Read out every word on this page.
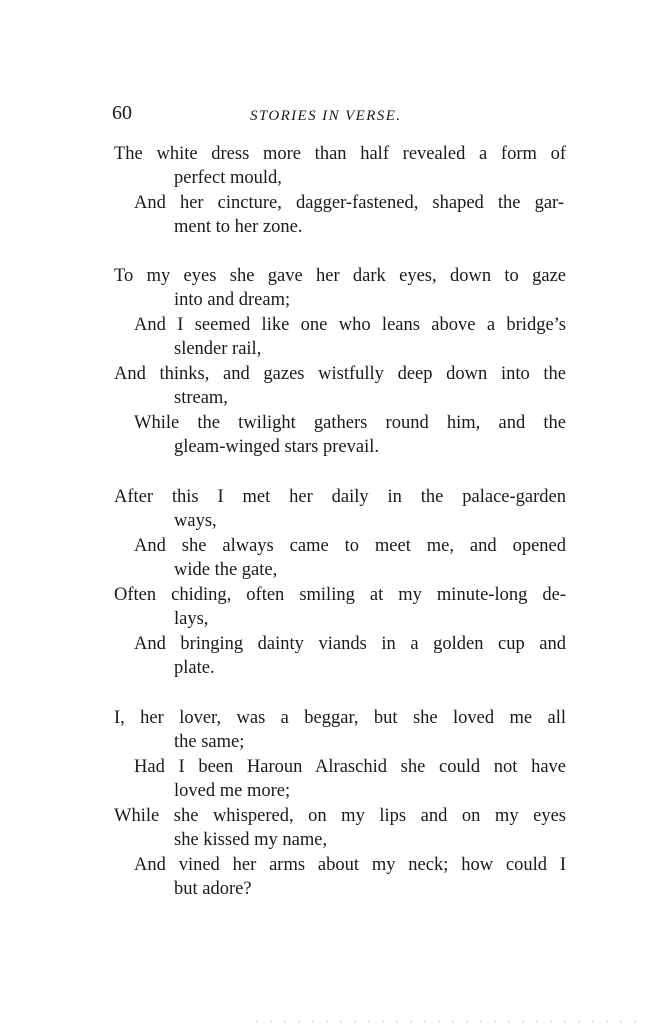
60	STORIES IN VERSE.
The white dress more than half revealed a form of
perfect mould,
And her cincture, dagger-fastened, shaped the gar-
ment to her zone.
To my eyes she gave her dark eyes, down to gaze
into and dream;
And I seemed like one who leans above a bridge’s
slender rail,
And thinks, and gazes wistfully deep down into the
stream,
While the twilight gathers round him, and the
gleam-winged stars prevail.
After this I met her daily in the palace-garden
ways,
And she always came to meet me, and opened
wide the gate,
Often chiding, often smiling at my minute-long de-
lays,
And bringing dainty viands in a golden cup and
plate.
I, her lover, was a beggar, but she loved me all
the same;
Had I been Haroun Alraschid she could not have
loved me more;
While she whispered, on my lips and on my eyes
she kissed my name,
And vined her arms about my neck; how could I
but adore?
